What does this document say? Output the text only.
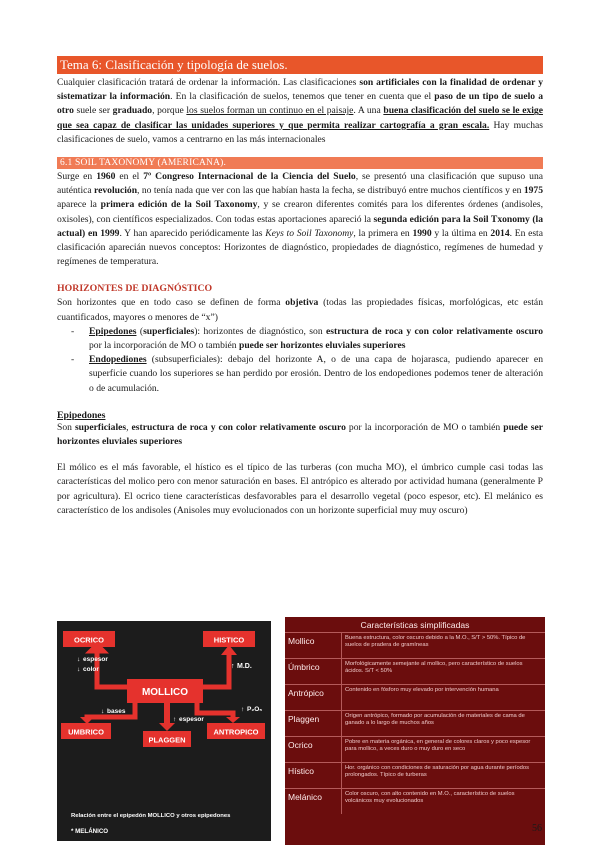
Tema 6: Clasificación y tipología de suelos.

Cualquier clasificación tratará de ordenar la información. Las clasificaciones son artificiales con la finalidad de ordenar y sistematizar la información. En la clasificación de suelos, tenemos que tener en cuenta que el paso de un tipo de suelo a otro suele ser graduado, porque los suelos forman un continuo en el paisaje. A una buena clasificación del suelo se le exige que sea capaz de clasificar las unidades superiores y que permita realizar cartografía a gran escala. Hay muchas clasificaciones de suelo, vamos a centrarno en las más internacionales

6.1 SOIL TAXONOMY (AMERICANA).

Surge en 1960 en el 7º Congreso Internacional de la Ciencia del Suelo, se presentó una clasificación que supuso una auténtica revolución, no tenía nada que ver con las que habían hasta la fecha, se distribuyó entre muchos científicos y en 1975 aparece la primera edición de la Soil Taxonomy, y se crearon diferentes comités para los diferentes órdenes (andisoles, oxisoles), con científicos especializados. Con todas estas aportaciones apareció la segunda edición para la Soil Txonomy (la actual) en 1999. Y han aparecido periódicamente las Keys to Soil Taxonomy, la primera en 1990 y la última en 2014. En esta clasificación aparecián nuevos conceptos: Horizontes de diagnóstico, propiedades de diagnóstico, regímenes de humedad y regímenes de temperatura.

HORIZONTES DE DIAGNÓSTICO

Son horizontes que en todo caso se definen de forma objetiva (todas las propiedades físicas, morfológicas, etc están cuantificados, mayores o menores de “x”)

- Epipedones (superficiales): horizontes de diagnóstico, son estructura de roca y con color relativamente oscuro por la incorporación de MO o también puede ser horizontes eluviales superiores
- Endopediones (subsuperficiales): debajo del horizonte A, o de una capa de hojarasca, pudiendo aparecer en superficie cuando los superiores se han perdido por erosión. Dentro de los endopediones podemos tener de alteración o de acumulación.
Epipedones

Son superficiales, estructura de roca y con color relativamente oscuro por la incorporación de MO o también puede ser horizontes eluviales superiores

El mólico es el más favorable, el hístico es el típico de las turberas (con mucha MO), el úmbrico cumple casi todas las características del molico pero con menor saturación en bases. El antrópico es alterado por actividad humana (generalmente P por agricultura). El ocrico tiene características desfavorables para el desarrollo vegetal (poco espesor, etc). El melánico es característico de los andisoles (Anisoles muy evolucionados con un horizonte superficial muy muy oscuro)

OCRICO	HISTICO
MOLLICO
UMBRICO
PLAGGEN
ANTROPICO
espesor
color
↓
↓	M.D.
↑
bases
↓
espesor
↑
P₂O₅
↑
Relación entre el epipedón MOLLICO y otros epipedones
* MELÁNICO
Características simplificadas
Mollico	Buena estructura, color oscuro debido a la M.O., S/T > 50%. Típico de suelos de pradera de gramíneas
Úmbrico	Morfológicamente semejante al mollico, pero característico de suelos ácidos. S/T < 50%
Antrópico	Contenido en fósforo muy elevado por intervención humana
Plaggen	Origen antrópico, formado por acumulación de materiales de cama de ganado a lo largo de muchos años
Ocrico	Pobre en materia orgánica, en general de colores claros y poco espesor para mollico, a veces duro o muy duro en seco
Hístico	Hor. orgánico con condiciones de saturación por agua durante períodos prolongados. Típico de turberas
Melánico	Color oscuro, con alto contenido en M.O., característico de suelos volcánicos muy evolucionados
56
